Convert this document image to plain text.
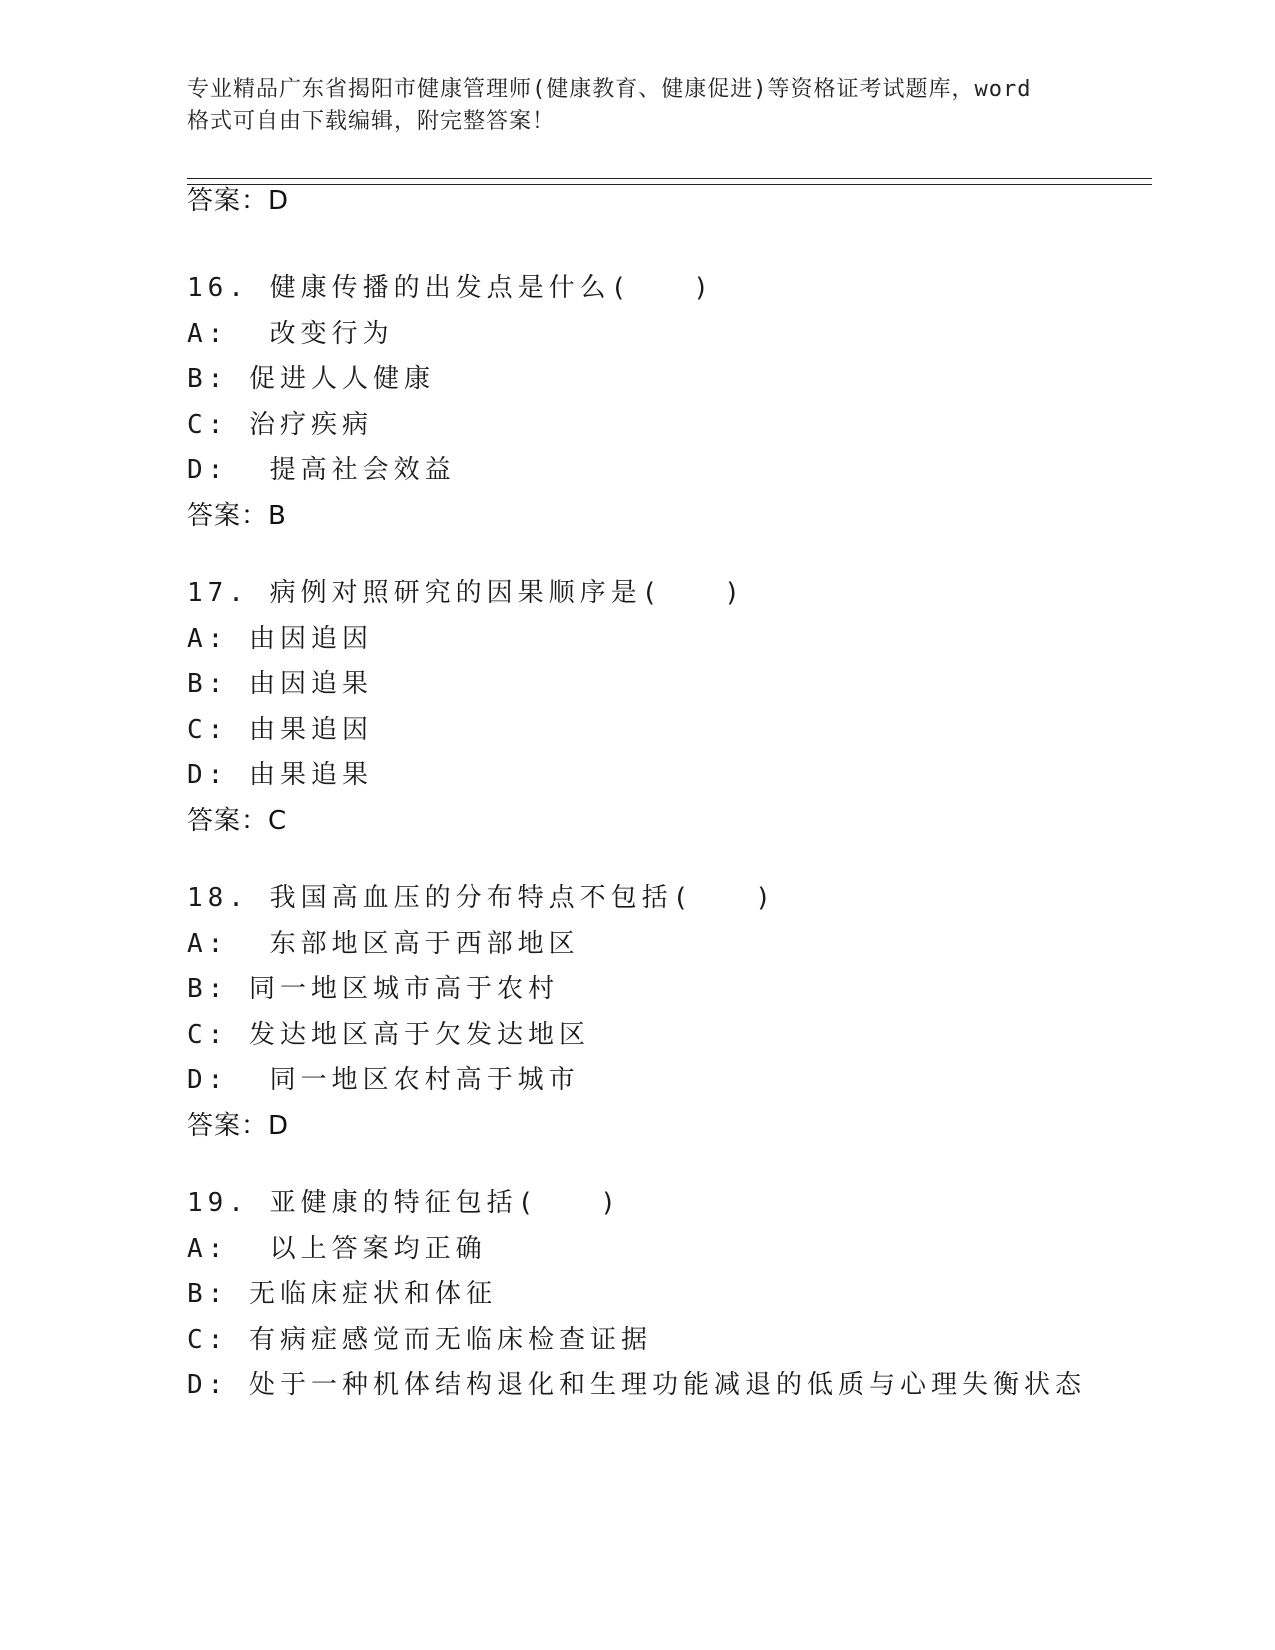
专业精品广东省揭阳市健康管理师(健康教育、健康促进)等资格证考试题库，word
格式可自由下载编辑，附完整答案！
答案：D
16. 健康传播的出发点是什么(　　)
A:  改变行为
B: 促进人人健康
C: 治疗疾病
D:  提高社会效益
答案：B
17. 病例对照研究的因果顺序是(　　)
A: 由因追因
B: 由因追果
C: 由果追因
D: 由果追果
答案：C
18. 我国高血压的分布特点不包括(　　)
A:  东部地区高于西部地区
B: 同一地区城市高于农村
C: 发达地区高于欠发达地区
D:  同一地区农村高于城市
答案：D
19. 亚健康的特征包括(　　)
A:  以上答案均正确
B: 无临床症状和体征
C: 有病症感觉而无临床检查证据
D: 处于一种机体结构退化和生理功能减退的低质与心理失衡状态
